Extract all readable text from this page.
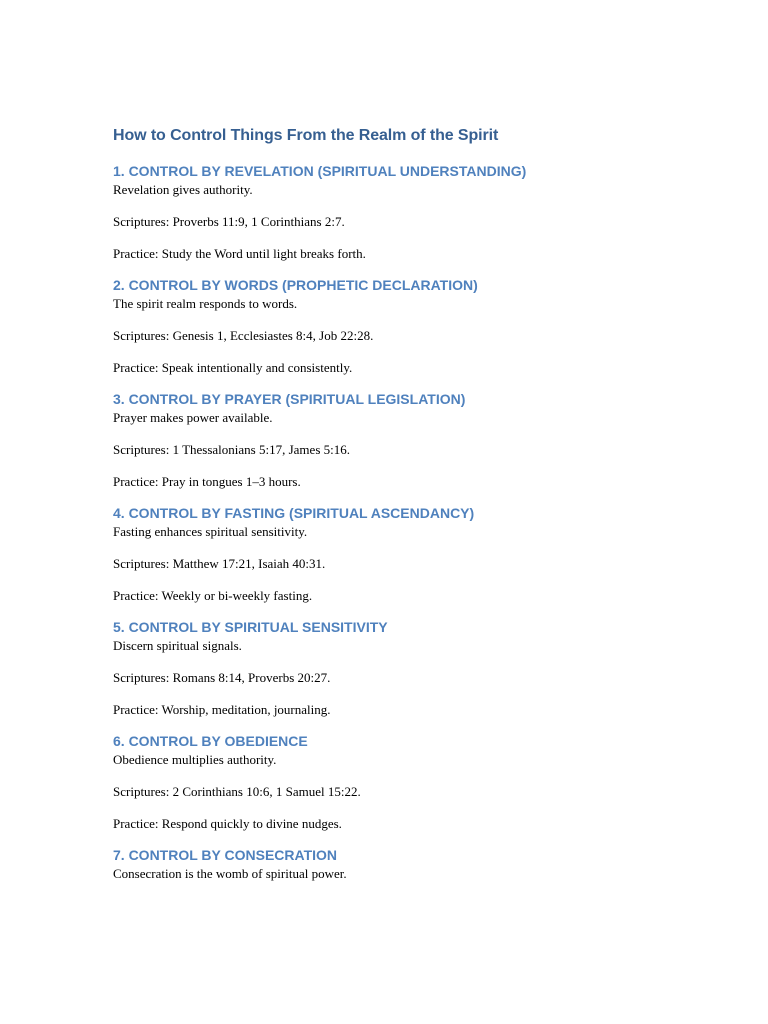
How to Control Things From the Realm of the Spirit
1. CONTROL BY REVELATION (SPIRITUAL UNDERSTANDING)

Revelation gives authority.

Scriptures: Proverbs 11:9, 1 Corinthians 2:7.

Practice: Study the Word until light breaks forth.

2. CONTROL BY WORDS (PROPHETIC DECLARATION)

The spirit realm responds to words.

Scriptures: Genesis 1, Ecclesiastes 8:4, Job 22:28.

Practice: Speak intentionally and consistently.

3. CONTROL BY PRAYER (SPIRITUAL LEGISLATION)

Prayer makes power available.

Scriptures: 1 Thessalonians 5:17, James 5:16.

Practice: Pray in tongues 1–3 hours.

4. CONTROL BY FASTING (SPIRITUAL ASCENDANCY)

Fasting enhances spiritual sensitivity.

Scriptures: Matthew 17:21, Isaiah 40:31.

Practice: Weekly or bi-weekly fasting.

5. CONTROL BY SPIRITUAL SENSITIVITY

Discern spiritual signals.

Scriptures: Romans 8:14, Proverbs 20:27.

Practice: Worship, meditation, journaling.

6. CONTROL BY OBEDIENCE

Obedience multiplies authority.

Scriptures: 2 Corinthians 10:6, 1 Samuel 15:22.

Practice: Respond quickly to divine nudges.

7. CONTROL BY CONSECRATION

Consecration is the womb of spiritual power.
